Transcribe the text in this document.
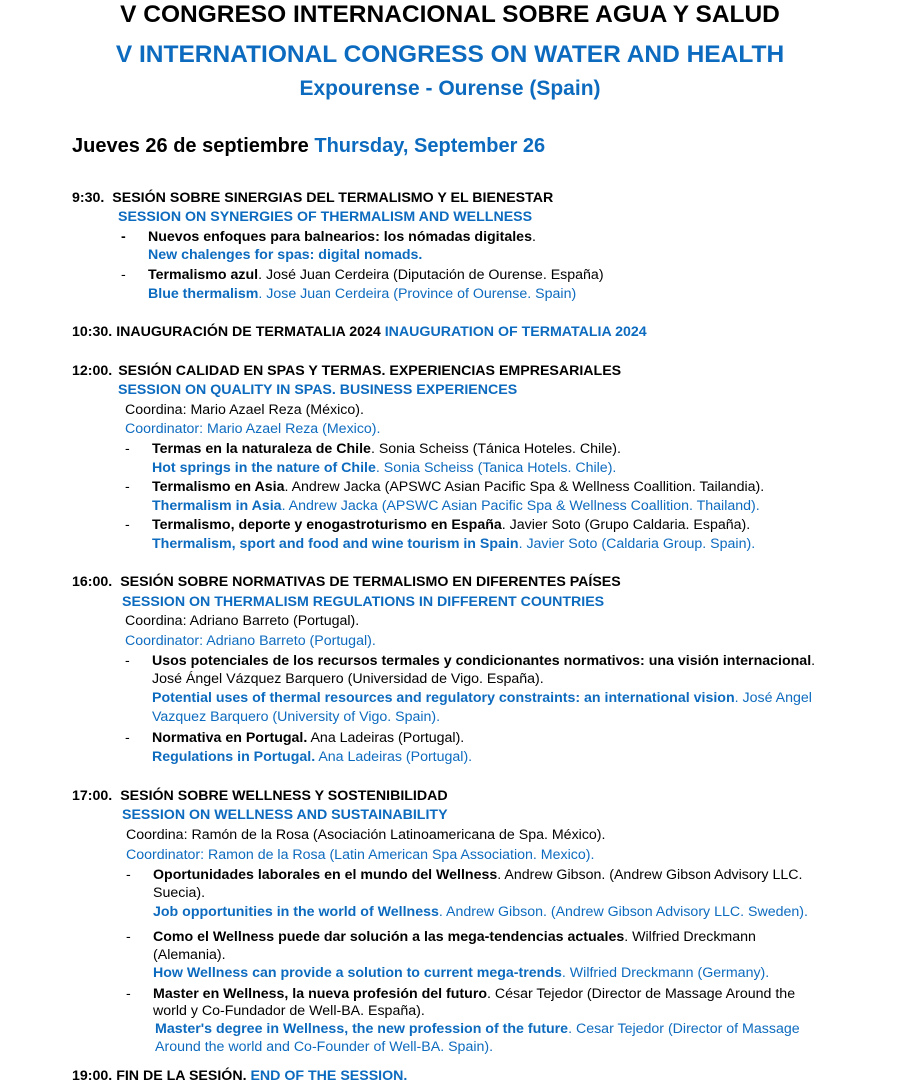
V CONGRESO INTERNACIONAL SOBRE AGUA Y SALUD
V INTERNATIONAL CONGRESS ON WATER AND HEALTH
Expourense - Ourense (Spain)
Jueves 26 de septiembre Thursday, September 26
9:30. SESIÓN SOBRE SINERGIAS DEL TERMALISMO Y EL BIENESTAR
SESSION ON SYNERGIES OF THERMALISM AND WELLNESS
- Nuevos enfoques para balnearios: los nómadas digitales.
New chalenges for spas: digital nomads.
- Termalismo azul. José Juan Cerdeira (Diputación de Ourense. España)
Blue thermalism. Jose Juan Cerdeira (Province of Ourense. Spain)
10:30. INAUGURACIÓN DE TERMATALIA 2024 INAUGURATION OF TERMATALIA 2024
12:00. SESIÓN CALIDAD EN SPAS Y TERMAS. EXPERIENCIAS EMPRESARIALES
SESSION ON QUALITY IN SPAS. BUSINESS EXPERIENCES
Coordina: Mario Azael Reza (México).
Coordinator: Mario Azael Reza (Mexico).
- Termas en la naturaleza de Chile. Sonia Scheiss (Tánica Hoteles. Chile).
Hot springs in the nature of Chile. Sonia Scheiss (Tanica Hotels. Chile).
- Termalismo en Asia. Andrew Jacka (APSWC Asian Pacific Spa & Wellness Coallition. Tailandia).
Thermalism in Asia. Andrew Jacka (APSWC Asian Pacific Spa & Wellness Coallition. Thailand).
- Termalismo, deporte y enogastroturismo en España. Javier Soto (Grupo Caldaria. España).
Thermalism, sport and food and wine tourism in Spain. Javier Soto (Caldaria Group. Spain).
16:00. SESIÓN SOBRE NORMATIVAS DE TERMALISMO EN DIFERENTES PAÍSES
SESSION ON THERMALISM REGULATIONS IN DIFFERENT COUNTRIES
Coordina: Adriano Barreto (Portugal).
Coordinator: Adriano Barreto (Portugal).
- Usos potenciales de los recursos termales y condicionantes normativos: una visión internacional.
José Ángel Vázquez Barquero (Universidad de Vigo. España).
Potential uses of thermal resources and regulatory constraints: an international vision. José Angel
Vazquez Barquero (University of Vigo. Spain).
- Normativa en Portugal. Ana Ladeiras (Portugal).
Regulations in Portugal. Ana Ladeiras (Portugal).
17:00. SESIÓN SOBRE WELLNESS Y SOSTENIBILIDAD
SESSION ON WELLNESS AND SUSTAINABILITY
Coordina: Ramón de la Rosa (Asociación Latinoamericana de Spa. México).
Coordinator: Ramon de la Rosa (Latin American Spa Association. Mexico).
- Oportunidades laborales en el mundo del Wellness. Andrew Gibson. (Andrew Gibson Advisory LLC.
Suecia).
Job opportunities in the world of Wellness. Andrew Gibson. (Andrew Gibson Advisory LLC. Sweden).
- Como el Wellness puede dar solución a las mega-tendencias actuales. Wilfried Dreckmann
(Alemania).
How Wellness can provide a solution to current mega-trends. Wilfried Dreckmann (Germany).
- Master en Wellness, la nueva profesión del futuro. César Tejedor (Director de Massage Around the
world y Co-Fundador de Well-BA. España).
Master's degree in Wellness, the new profession of the future. Cesar Tejedor (Director of Massage
Around the world and Co-Founder of Well-BA. Spain).
19:00. FIN DE LA SESIÓN. END OF THE SESSION.
